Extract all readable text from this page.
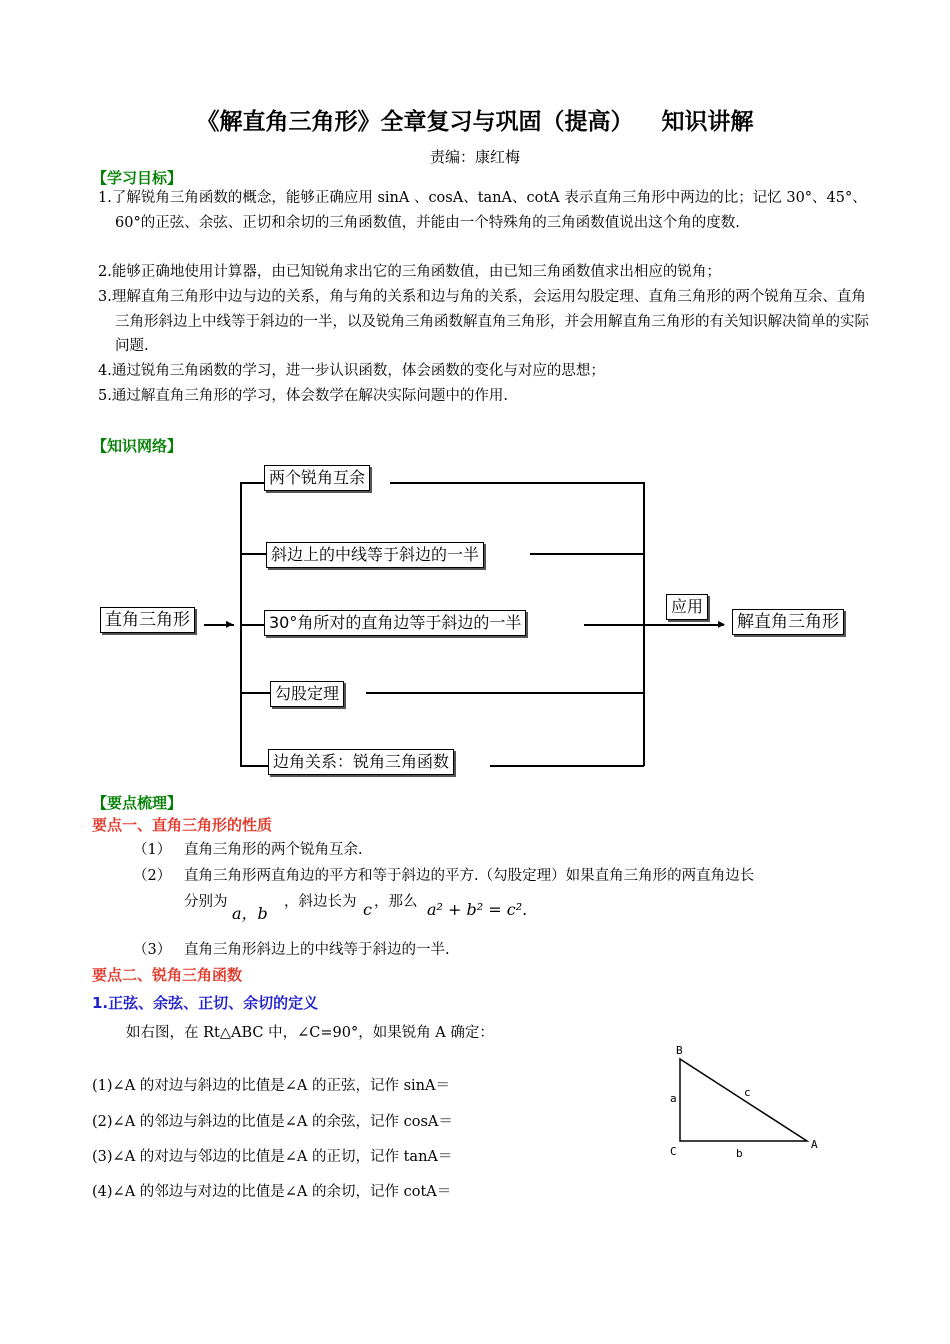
《解直角三角形》全章复习与巩固（提高） 知识讲解
责编：康红梅
【学习目标】
1.了解锐角三角函数的概念，能够正确应用 sinA 、cosA、tanA、cotA 表示直角三角形中两边的比；记忆 30°、45°、60°的正弦、余弦、正切和余切的三角函数值，并能由一个特殊角的三角函数值说出这个角的度数.
2.能够正确地使用计算器，由已知锐角求出它的三角函数值，由已知三角函数值求出相应的锐角；
3.理解直角三角形中边与边的关系，角与角的关系和边与角的关系，会运用勾股定理、直角三角形的两个锐角互余、直角三角形斜边上中线等于斜边的一半，以及锐角三角函数解直角三角形，并会用解直角三角形的有关知识解决简单的实际问题.
4.通过锐角三角函数的学习，进一步认识函数，体会函数的变化与对应的思想；
5.通过解直角三角形的学习，体会数学在解决实际问题中的作用.
【知识网络】
▸	▸
直角三角形
两个锐角互余
斜边上的中线等于斜边的一半
30°角所对的直角边等于斜边的一半
勾股定理
边角关系：锐角三角函数
应用
解直角三角形
【要点梳理】
要点一、直角三角形的性质
（1） 直角三角形的两个锐角互余.
（2） 直角三角形两直角边的平方和等于斜边的平方.（勾股定理）如果直角三角形的两直角边长
分别为
a，b
，斜边长为 c ，那么 a² + b² = c².
（3） 直角三角形斜边上的中线等于斜边的一半.
要点二、锐角三角函数
1.正弦、余弦、正切、余切的定义
如右图，在 Rt△ABC 中，∠C=90°，如果锐角 A 确定：
(1)∠A 的对边与斜边的比值是∠A 的正弦，记作 sinA＝
(2)∠A 的邻边与斜边的比值是∠A 的余弦，记作 cosA＝
(3)∠A 的对边与邻边的比值是∠A 的正切，记作 tanA＝
(4)∠A 的邻边与对边的比值是∠A 的余切，记作 cotA＝
B
C
A
a
b
c
